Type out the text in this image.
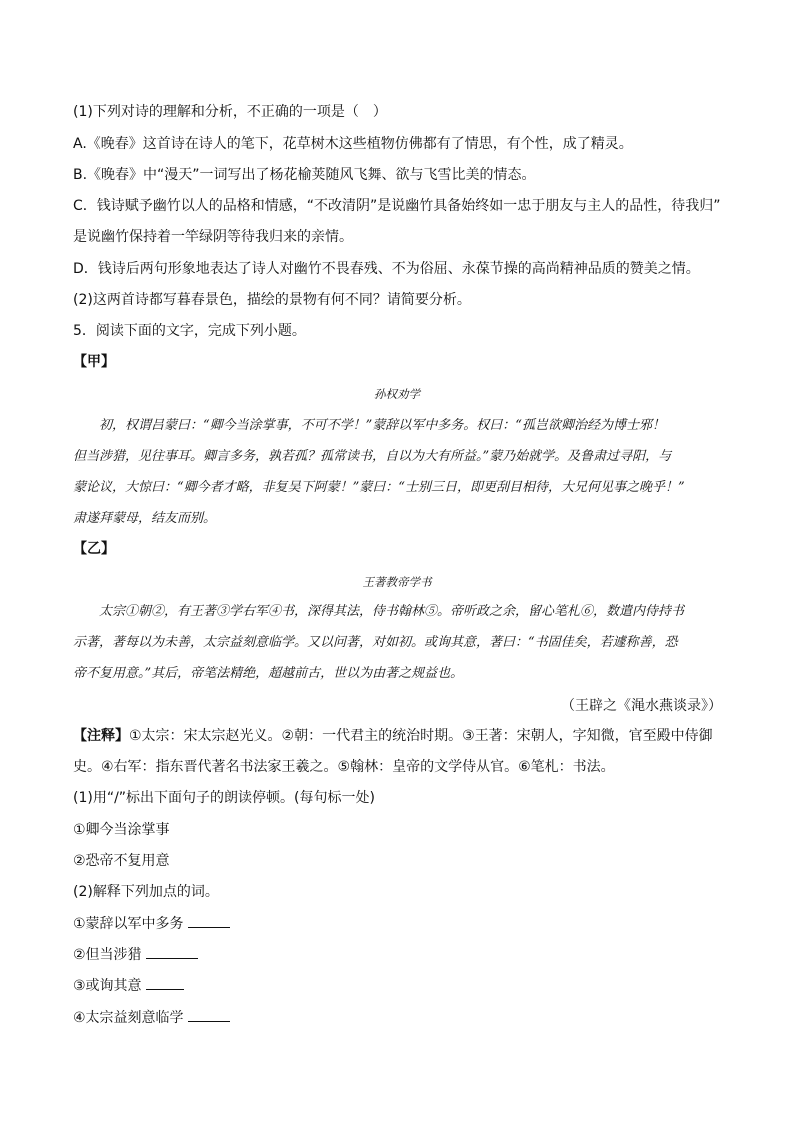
(1)下列对诗的理解和分析，不正确的一项是（　）
A.《晚春》这首诗在诗人的笔下，花草树木这些植物仿佛都有了情思，有个性，成了精灵。
B.《晚春》中“漫天”一词写出了杨花榆荚随风飞舞、欲与飞雪比美的情态。
C．钱诗赋予幽竹以人的品格和情感，“不改清阴”是说幽竹具备始终如一忠于朋友与主人的品性，待我归”
是说幽竹保持着一竿绿阴等待我归来的亲情。
D．钱诗后两句形象地表达了诗人对幽竹不畏春残、不为俗屈、永葆节操的高尚精神品质的赞美之情。
(2)这两首诗都写暮春景色，描绘的景物有何不同？请简要分析。
5．阅读下面的文字，完成下列小题。
【甲】
孙权劝学
　　初，权谓吕蒙曰：“卿今当涂掌事，不可不学！”蒙辞以军中多务。权曰：“孤岂欲卿治经为博士邪！
但当涉猎，见往事耳。卿言多务，孰若孤？孤常读书，自以为大有所益。”蒙乃始就学。及鲁肃过寻阳，与
蒙论议，大惊曰：“卿今者才略，非复吴下阿蒙！”蒙曰：“士别三日，即更刮目相待，大兄何见事之晚乎！”
肃遂拜蒙母，结友而别。
【乙】
王著教帝学书
　　太宗①朝②，有王著③学右军④书，深得其法，侍书翰林⑤。帝听政之余，留心笔札⑥，数遣内侍持书
示著，著每以为未善，太宗益刻意临学。又以问著，对如初。或询其意，著曰：“书固佳矣，若遽称善，恐
帝不复用意。”其后，帝笔法精绝，超越前古，世以为由著之规益也。
（王辟之《渑水燕谈录》）
【注释】①太宗：宋太宗赵光义。②朝：一代君主的统治时期。③王著：宋朝人，字知微，官至殿中侍御
史。④右军：指东晋代著名书法家王羲之。⑤翰林：皇帝的文学侍从官。⑥笔札：书法。
(1)用“/”标出下面句子的朗读停顿。(每句标一处)
①卿今当涂掌事
②恐帝不复用意
(2)解释下列加点的词。
①蒙辞以军中多务
②但当涉猎
③或询其意
④太宗益刻意临学
